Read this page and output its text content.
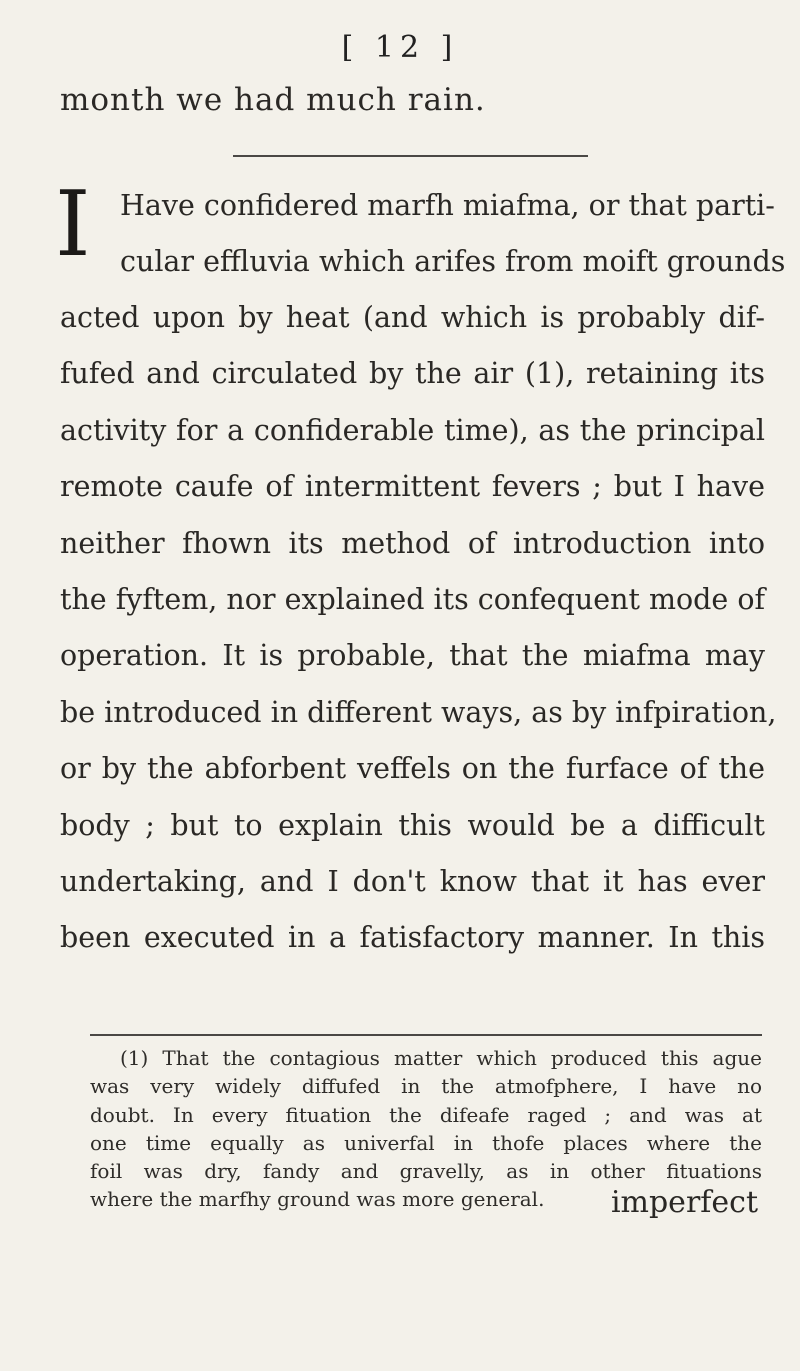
[ 12 ]
month we had much rain.
I Have confidered marfh miafma, or that parti-
cular effluvia which arifes from moift grounds
acted upon by heat (and which is probably dif-
fufed and circulated by the air (1), retaining its
activity for a confiderable time), as the principal
remote caufe of intermittent fevers ; but I have
neither fhown its method of introduction into
the fyftem, nor explained its confequent mode of
operation. It is probable, that the miafma may
be introduced in different ways, as by infpiration,
or by the abforbent veffels on the furface of the
body ; but to explain this would be a difficult
undertaking, and I don't know that it has ever
been executed in a fatisfactory manner. In this
(1) That the contagious matter which produced this ague
was very widely diffufed in the atmofphere, I have no
doubt. In every fituation the difeafe raged ; and was at
one time equally as univerfal in thofe places where the
foil was dry, fandy and gravelly, as in other fituations
where the marfhy ground was more general.	imperfect
